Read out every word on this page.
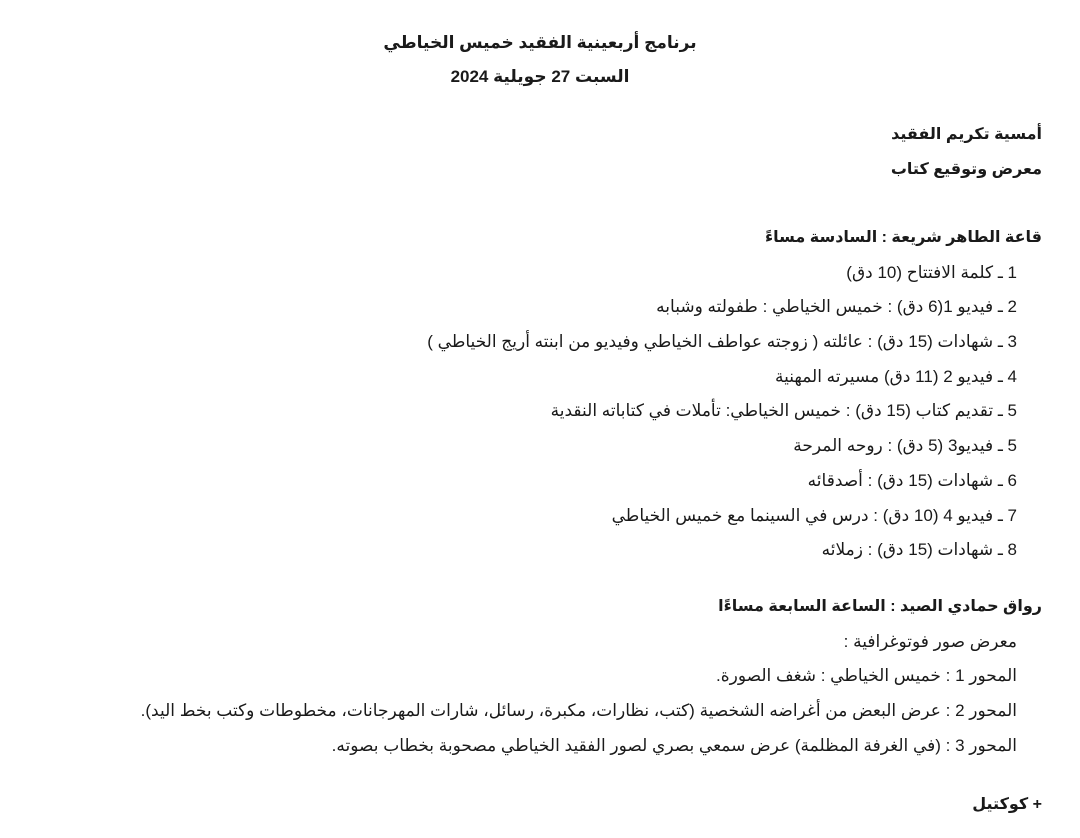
برنامج أربعينية الفقيد خميس الخياطي
السبت 27 جويلية 2024
أمسية تكريم الفقيد
معرض وتوقيع كتاب
قاعة الطاهر شريعة : السادسة مساءً
1 ـ كلمة الافتتاح (10 دق)
2 ـ فيديو 1(6 دق) : خميس الخياطي : طفولته وشبابه
3 ـ شهادات (15 دق) : عائلته ( زوجته عواطف الخياطي وفيديو من ابنته أريج الخياطي )
4 ـ فيديو 2 (11 دق) مسيرته المهنية
5 ـ تقديم كتاب (15 دق) : خميس الخياطي: تأملات في كتاباته النقدية
5 ـ فيديو3 (5 دق) : روحه المرحة
6 ـ شهادات (15 دق) : أصدقائه
7 ـ فيديو 4 (10 دق) : درس في السينما مع خميس الخياطي
8 ـ شهادات (15 دق) : زملائه
رواق حمادي الصيد : الساعة السابعة مساءًا
معرض صور فوتوغرافية :
المحور 1 : خميس الخياطي : شغف الصورة.
المحور 2 : عرض البعض من أغراضه الشخصية (كتب، نظارات، مكبرة، رسائل، شارات المهرجانات، مخطوطات وكتب بخط اليد).
المحور 3 : (في الغرفة المظلمة) عرض سمعي بصري لصور الفقيد الخياطي مصحوبة بخطاب بصوته.
+ كوكتيل
